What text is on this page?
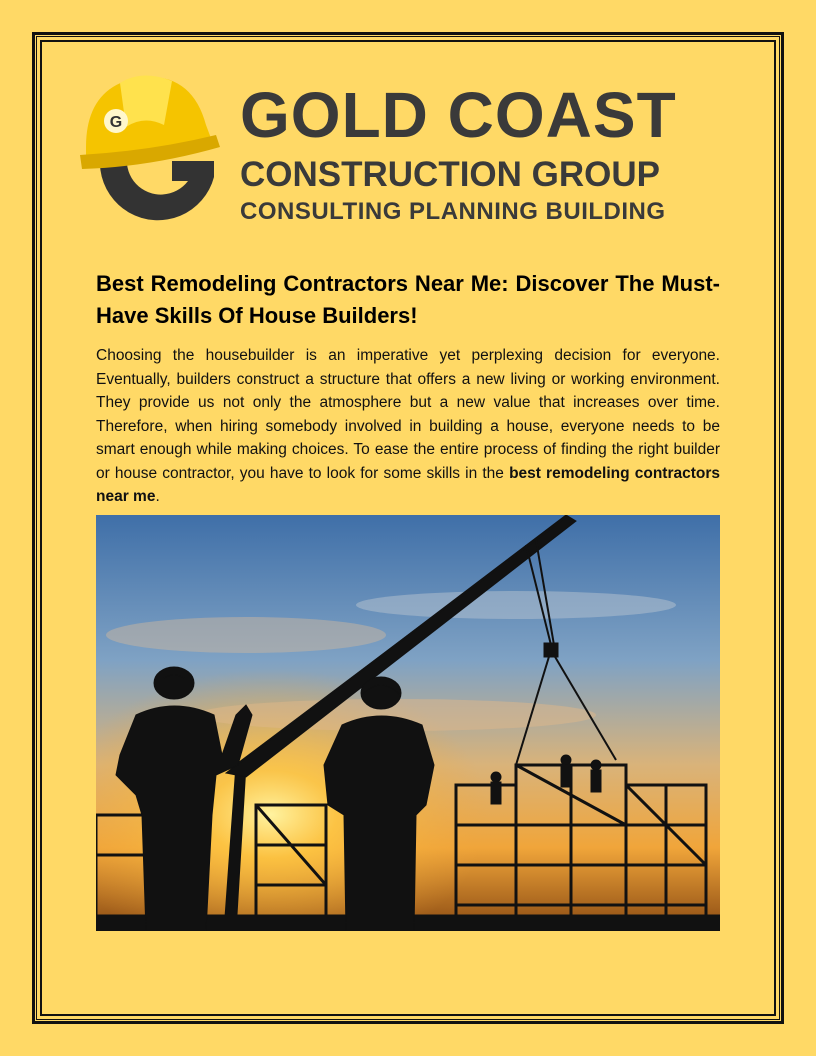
G GOLD COAST
CONSTRUCTION GROUP
CONSULTING PLANNING BUILDING
Best Remodeling Contractors Near Me: Discover The Must-Have Skills Of House Builders!

Choosing the housebuilder is an imperative yet perplexing decision for everyone. Eventually, builders construct a structure that offers a new living or working environment. They provide us not only the atmosphere but a new value that increases over time. Therefore, when hiring somebody involved in building a house, everyone needs to be smart enough while making choices. To ease the entire process of finding the right builder or house contractor, you have to look for some skills in the best remodeling contractors near me.
